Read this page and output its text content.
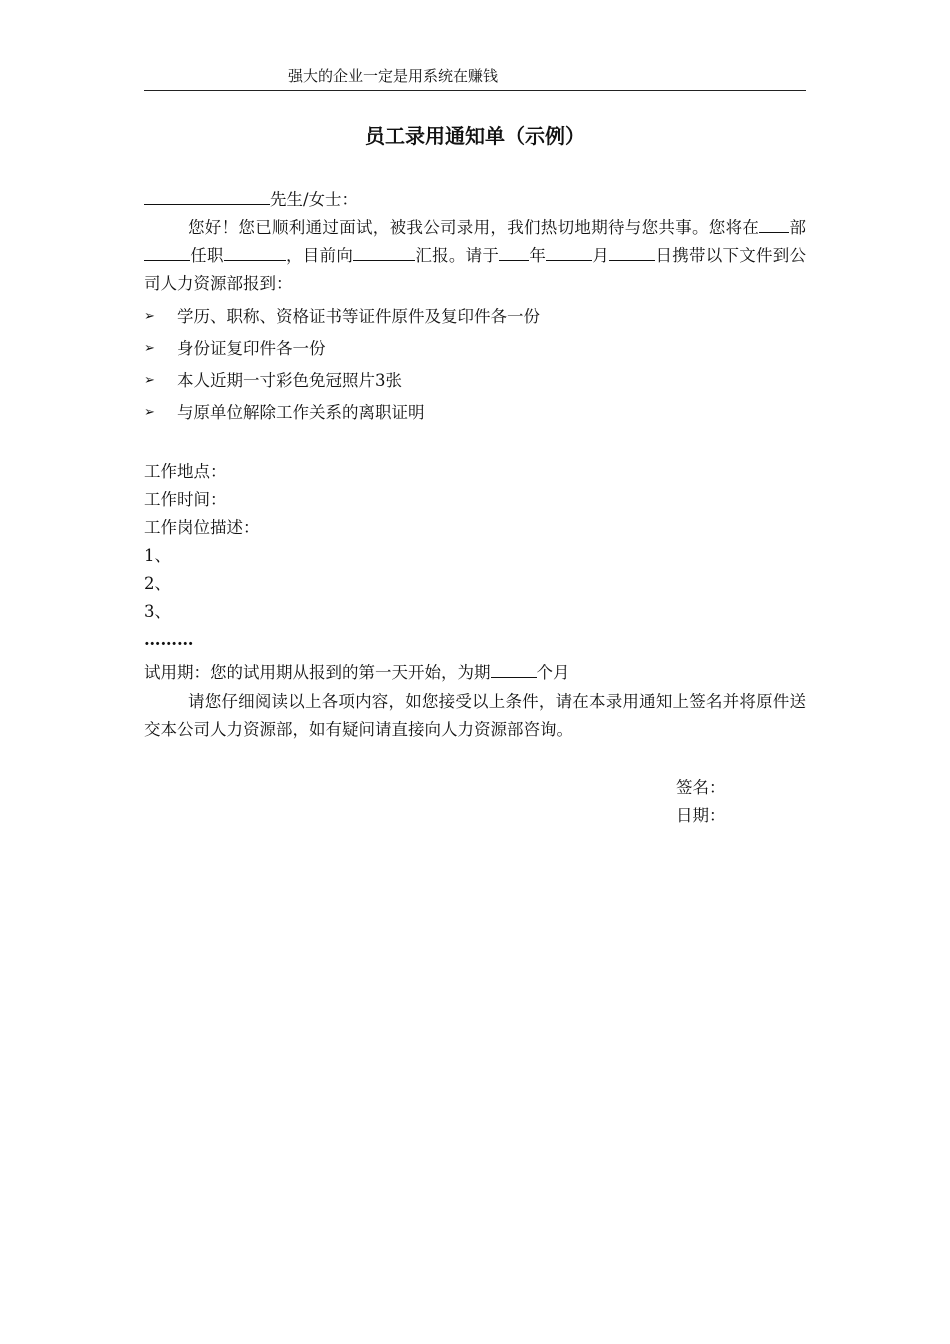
强大的企业一定是用系统在赚钱
员工录用通知单（示例）
先生/女士：
您好！您已顺利通过面试，被我公司录用，我们热切地期待与您共事。您将在 部任职	，目前向	汇报。请于 年	月	日携带以下文件到公司人力资源部报到：
➢ 学历、职称、资格证书等证件原件及复印件各一份
➢ 身份证复印件各一份
➢ 本人近期一寸彩色免冠照片3张
➢ 与原单位解除工作关系的离职证明
工作地点：
工作时间：
工作岗位描述：
1、
2、
3、
………
试用期：您的试用期从报到的第一天开始，为期	个月
请您仔细阅读以上各项内容，如您接受以上条件，请在本录用通知上签名并将原件送交本公司人力资源部，如有疑问请直接向人力资源部咨询。
签名：
日期：
